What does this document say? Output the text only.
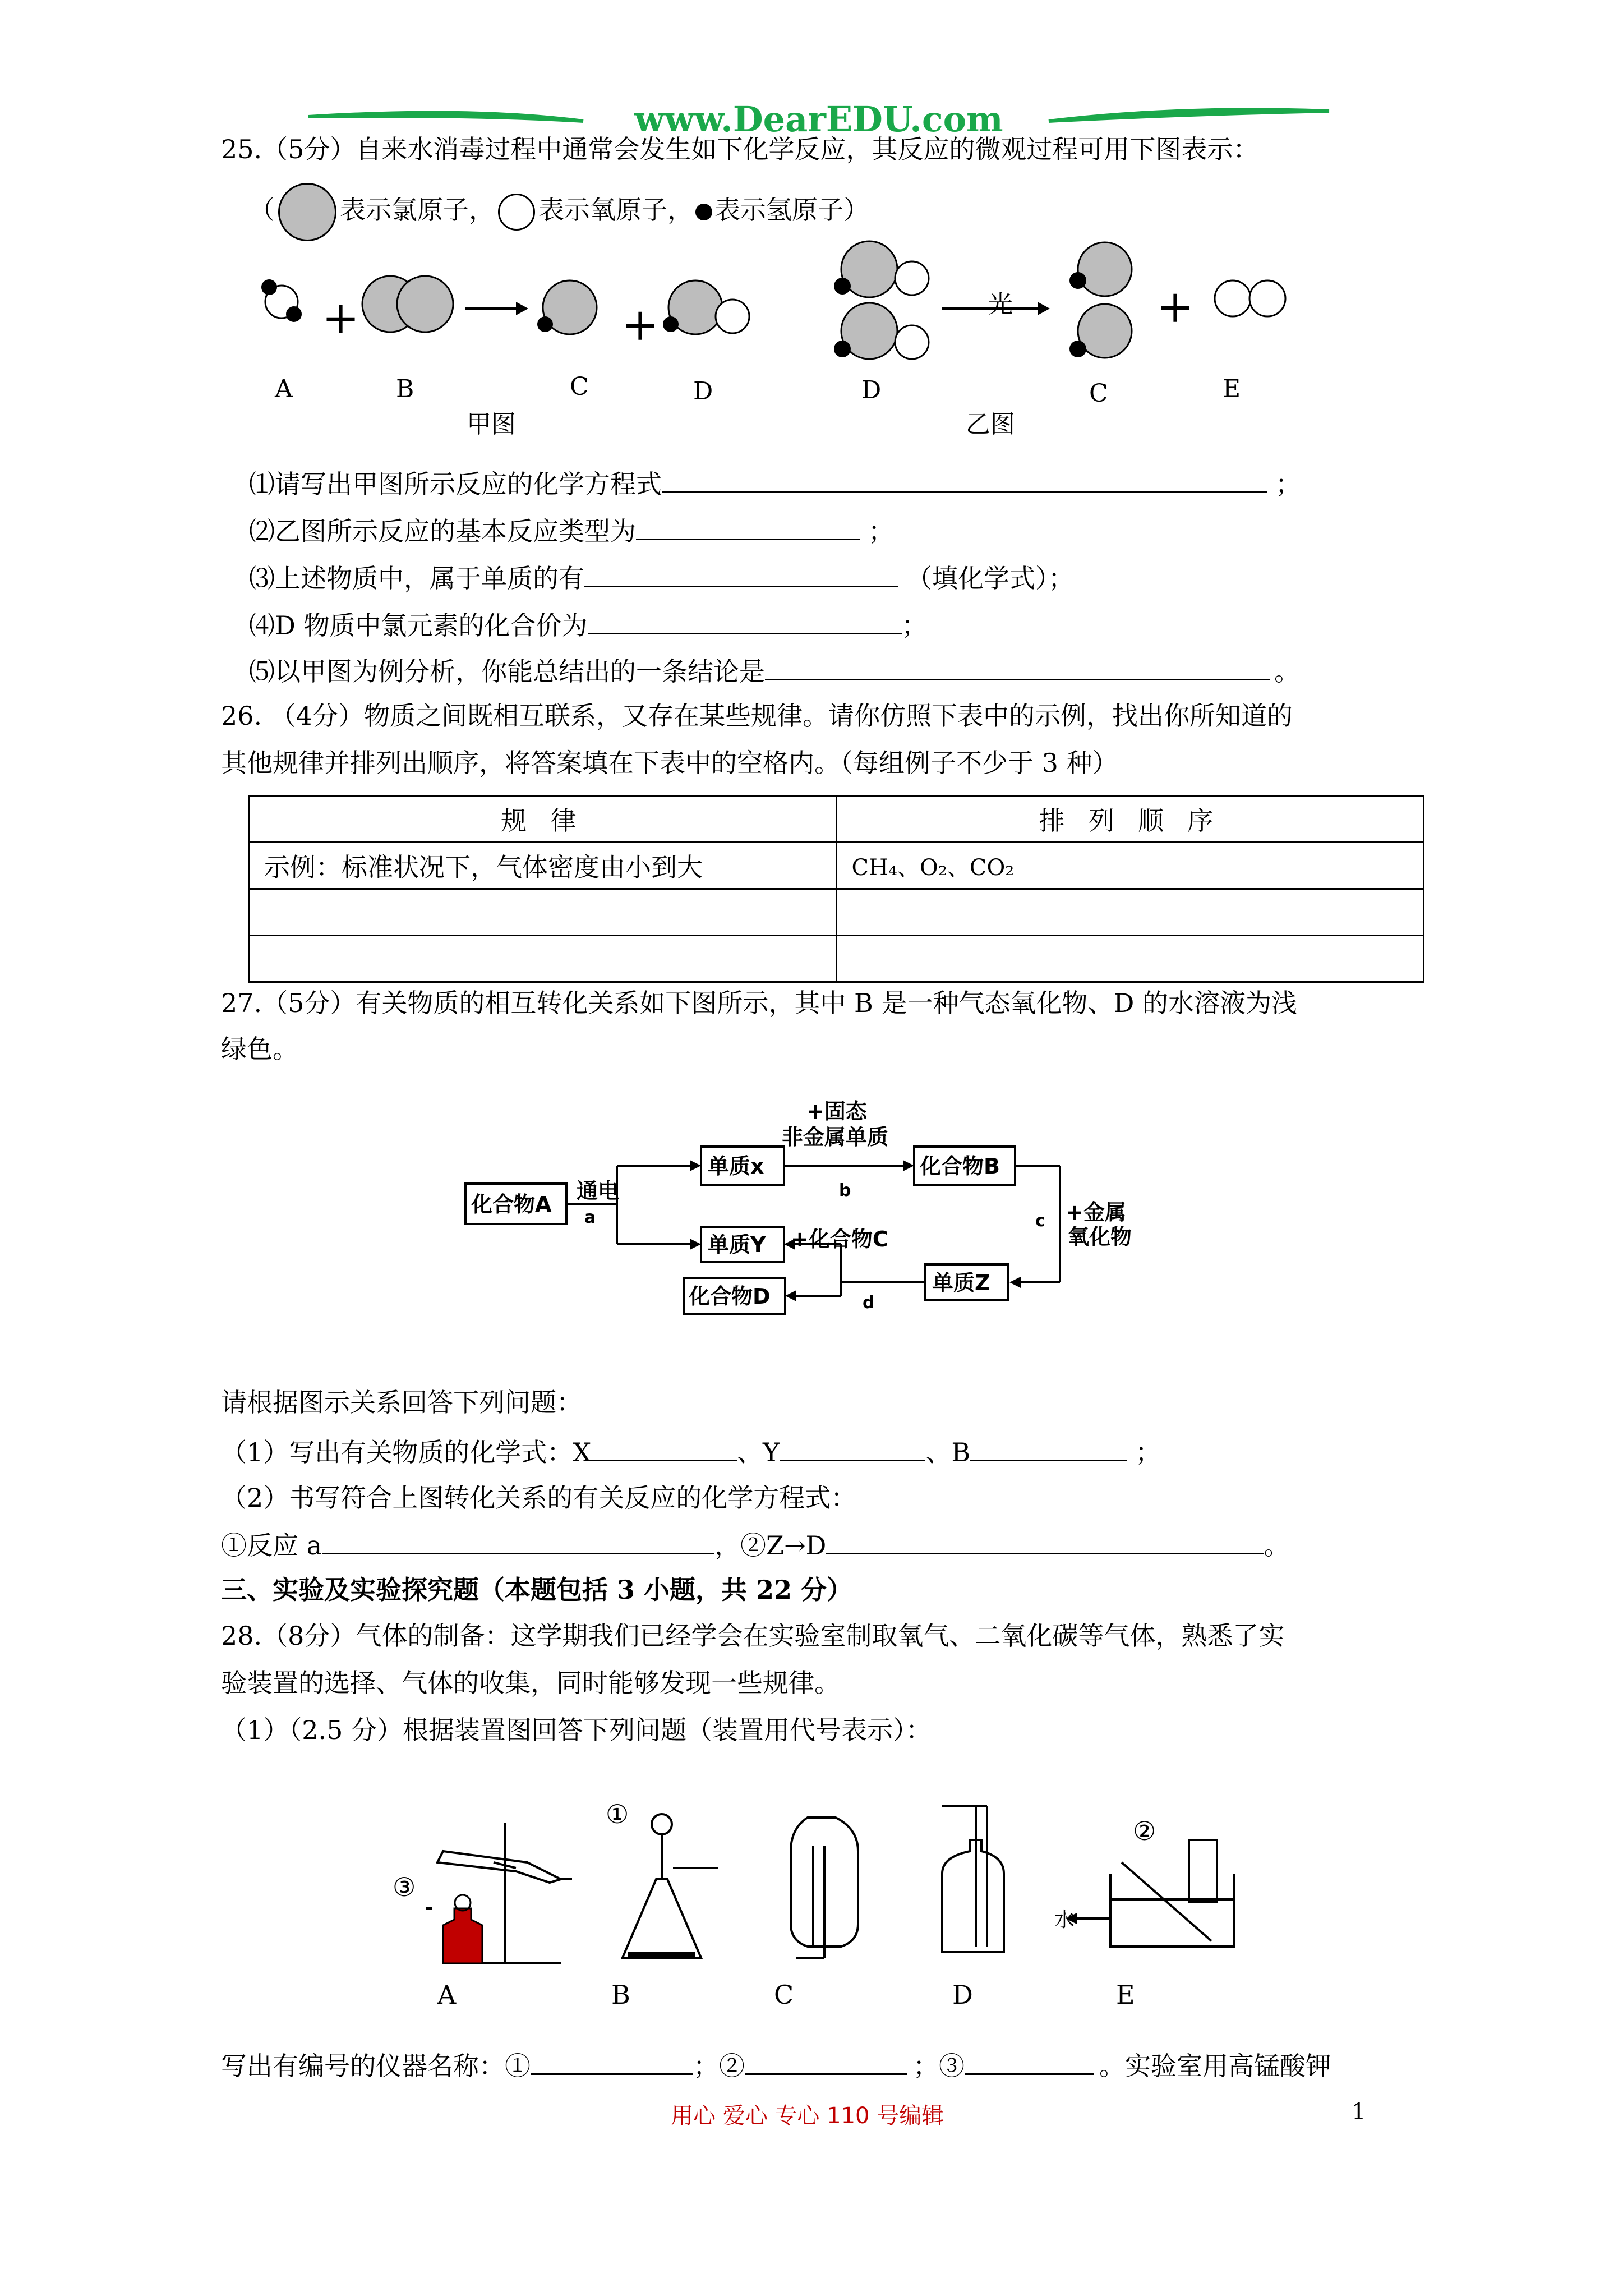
www.DearEDU.com
25.（5分）自来水消毒过程中通常会发生如下化学反应，其反应的微观过程可用下图表示：
（	表示氯原子， 表示氧原子， 表示氢原子）
+	+
A	B	C	D
甲图
光	+
D	C	E
乙图
⑴请写出甲图所示反应的化学方程式	；
⑵乙图所示反应的基本反应类型为	；
⑶上述物质中，属于单质的有	（填化学式）；
⑷D 物质中氯元素的化合价为	；
⑸以甲图为例分析，你能总结出的一条结论是	。
26. （4分）物质之间既相互联系，又存在某些规律。请你仿照下表中的示例，找出你所知道的
其他规律并排列出顺序，将答案填在下表中的空格内。（每组例子不少于 3 种）
规 律	排 列 顺 序
示例：标准状况下，气体密度由小到大	CH₄、O₂、CO₂

27.（5分）有关物质的相互转化关系如下图所示，其中 B 是一种气态氧化物、D 的水溶液为浅
绿色。
化合物A
通电
a
单质x
+固态
非金属单质
b
化合物B
c +金属
氧化物
单质Y +化合物C
单质Z
化合物D	d
请根据图示关系回答下列问题：
（1）写出有关物质的化学式：X	、Y	、B	；
（2）书写符合上图转化关系的有关反应的化学方程式：
①反应 a	，②Z→D	。
三、实验及实验探究题（本题包括 3 小题，共 22 分）
28.（8分）气体的制备：这学期我们已经学会在实验室制取氧气、二氧化碳等气体，熟悉了实
验装置的选择、气体的收集，同时能够发现一些规律。
（1）（2.5 分）根据装置图回答下列问题（装置用代号表示）：
③
①
②
水
A	B	C	D	E
写出有编号的仪器名称：①	；②	；③	。实验室用高锰酸钾
用心 爱心 专心 110 号编辑	1
